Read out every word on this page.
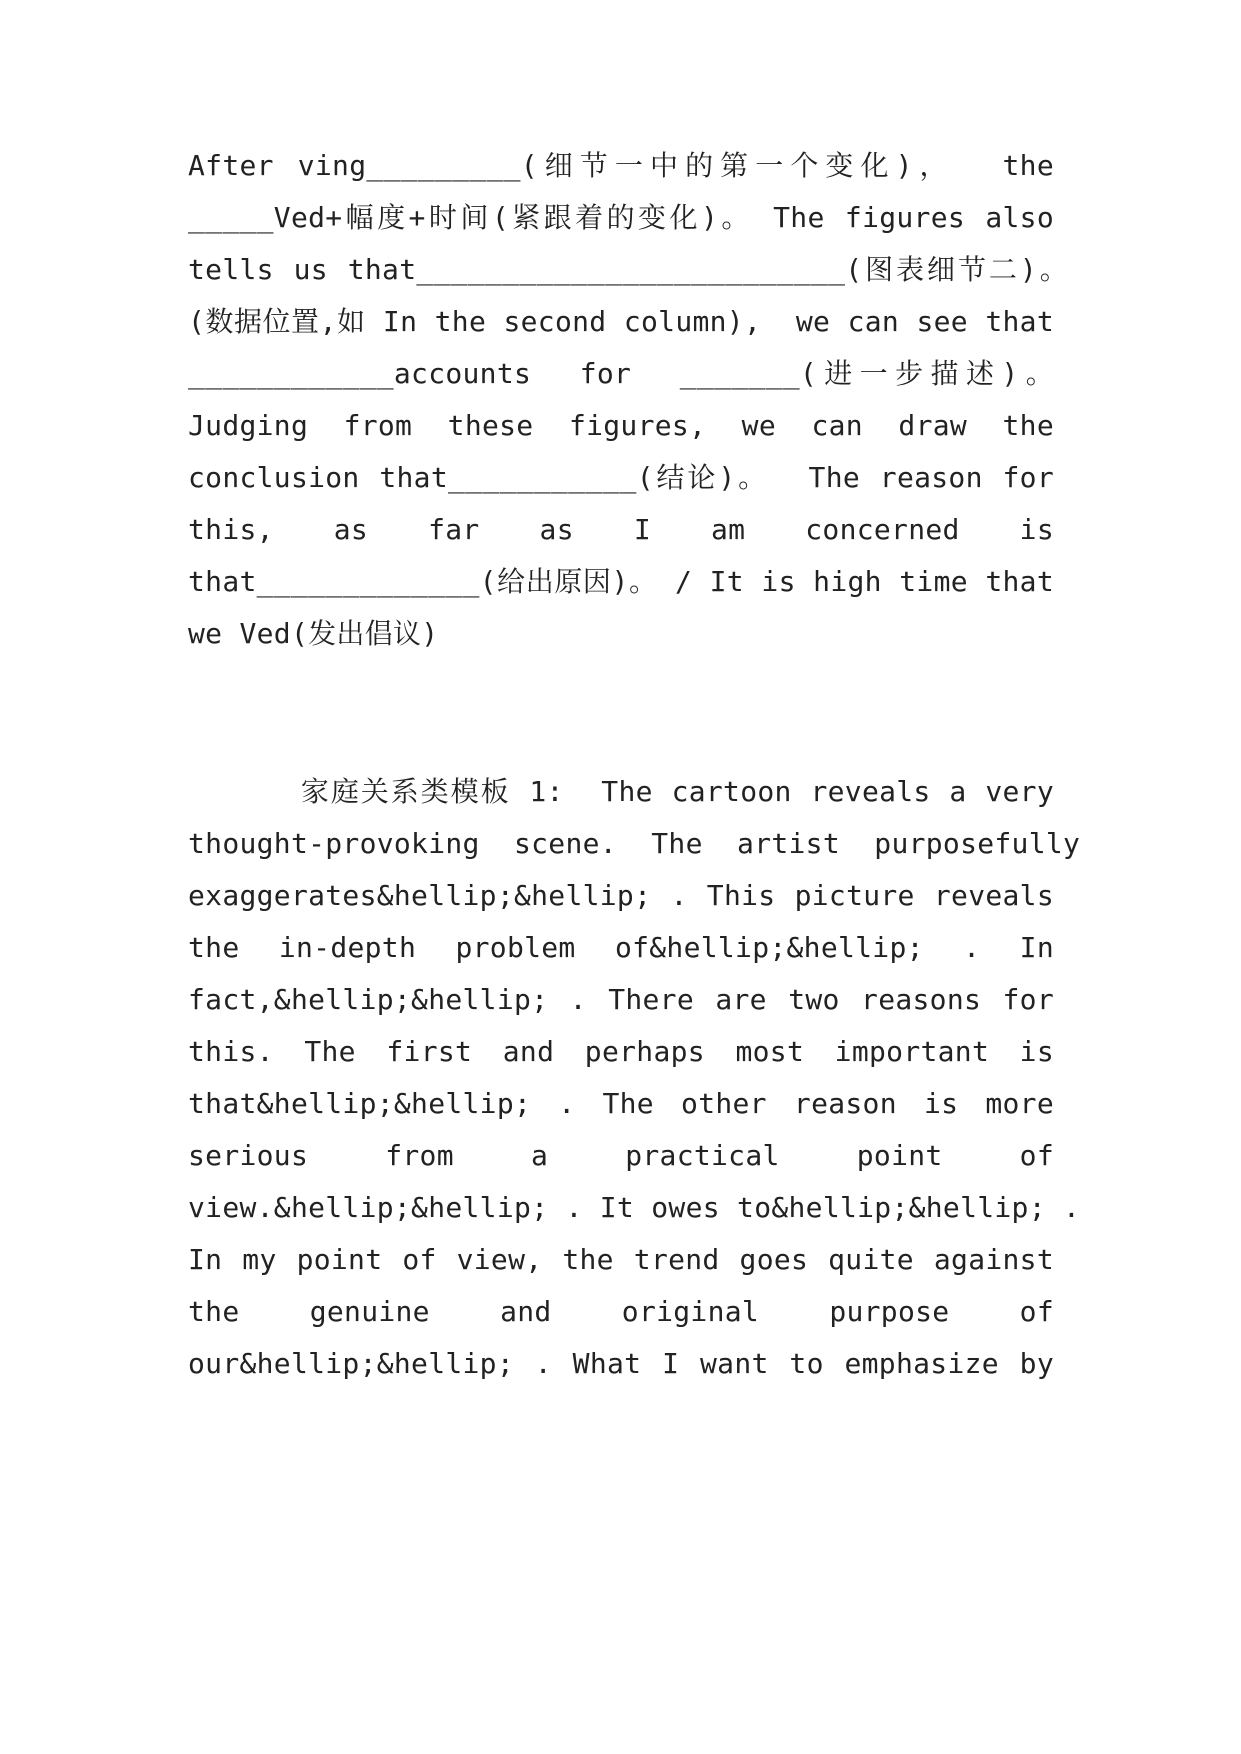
After ving_________(细节一中的第一个变化)，  the
_____Ved+幅度+时间(紧跟着的变化)。 The figures also
tells us that_________________________(图表细节二)。
(数据位置,如 In the second column),  we can see that
____________accounts  for  _______(进一步描述)。
Judging  from  these  figures,  we  can  draw  the
conclusion that___________(结论)。  The reason for
this,   as   far   as   I   am   concerned   is
that_____________(给出原因)。 / It is high time that
we Ved(发出倡议)
家庭关系类模板 1:  The cartoon reveals a very
thought-provoking  scene.  The  artist  purposefully
exaggerates&hellip;&hellip; . This picture reveals
the  in-depth  problem  of&hellip;&hellip;  .  In
fact,&hellip;&hellip; . There are two reasons for
this. The first and perhaps most important is
that&hellip;&hellip; . The other reason is more
serious   from   a   practical   point   of
view.&hellip;&hellip; . It owes to&hellip;&hellip; .
In my point of view, the trend goes quite against
the   genuine   and   original   purpose   of
our&hellip;&hellip; . What I want to emphasize by
